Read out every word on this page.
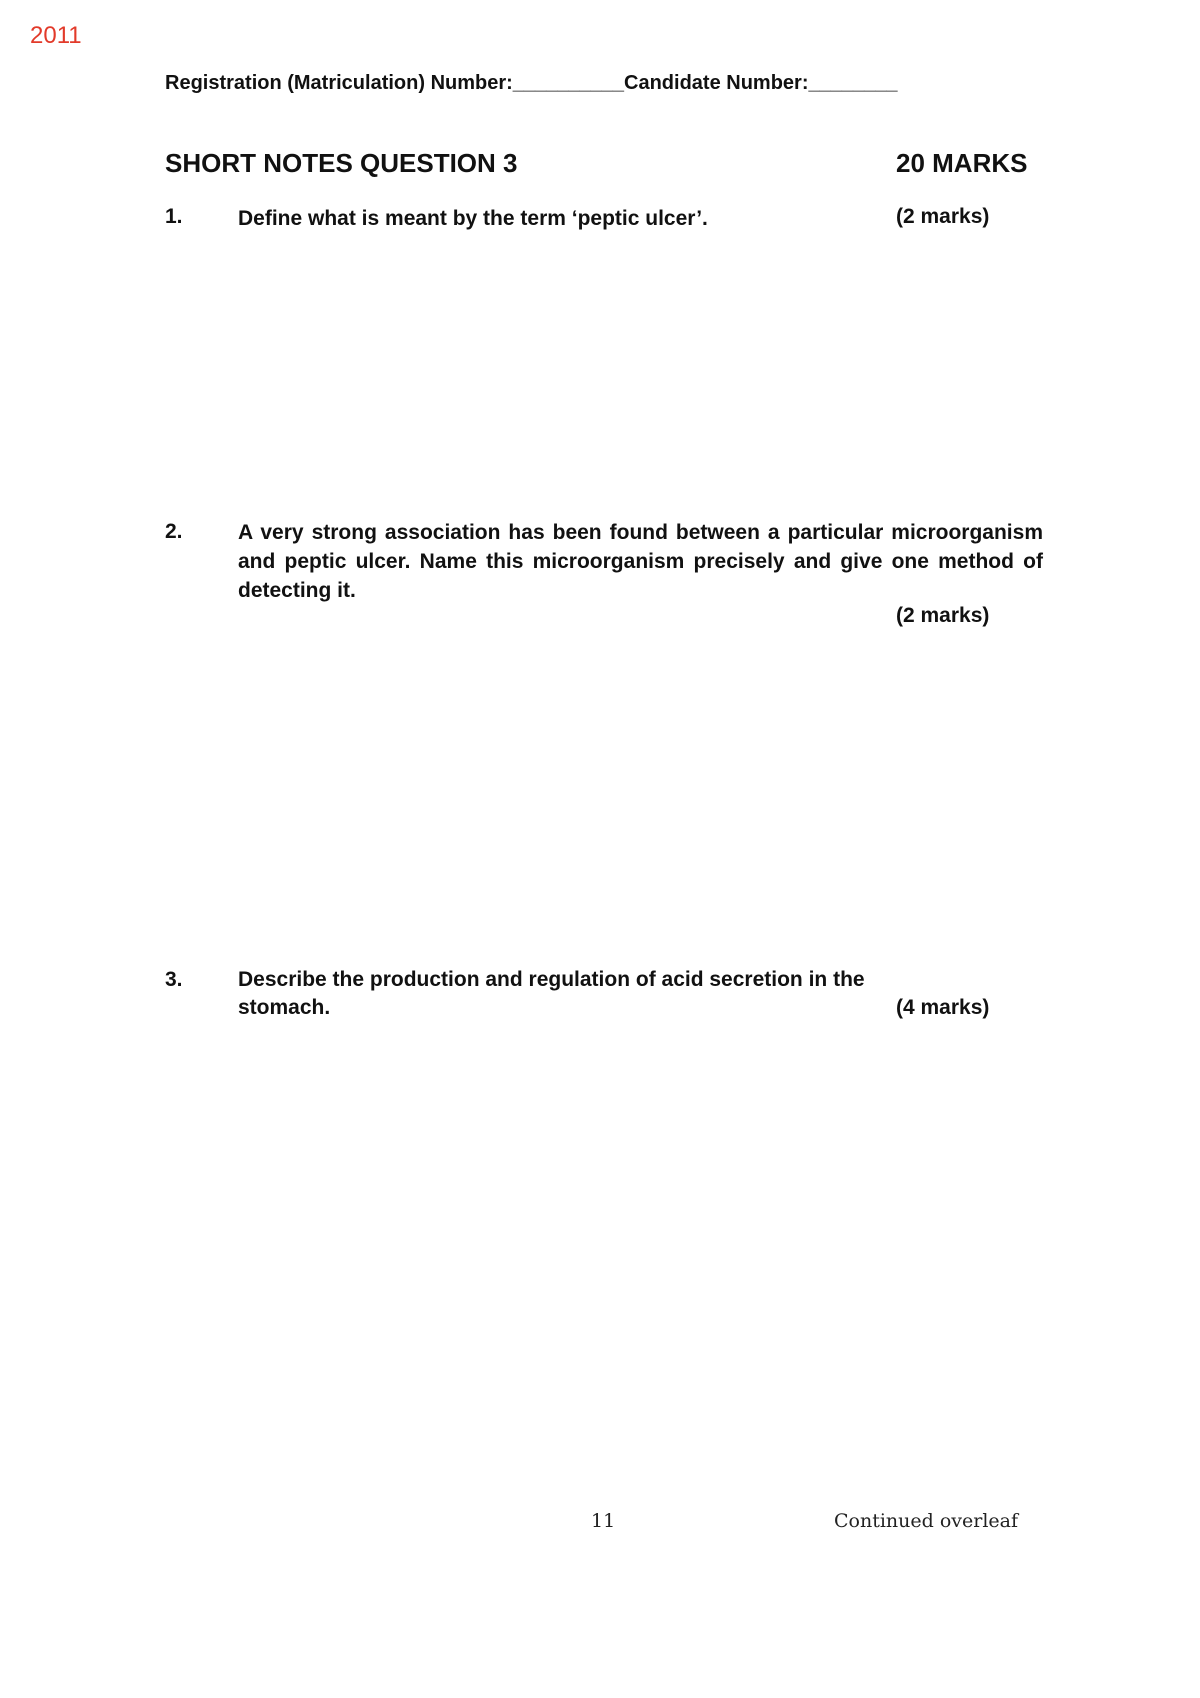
2011
Registration (Matriculation) Number:__________Candidate Number:________
SHORT NOTES QUESTION 3	20 MARKS
1.	Define what is meant by the term ‘peptic ulcer’.	(2 marks)
2.	A very strong association has been found between a particular microorganism and peptic ulcer. Name this microorganism precisely and give one method of detecting it.
(2 marks)
3.	Describe the production and regulation of acid secretion in the
stomach.	(4 marks)
11	Continued overleaf
